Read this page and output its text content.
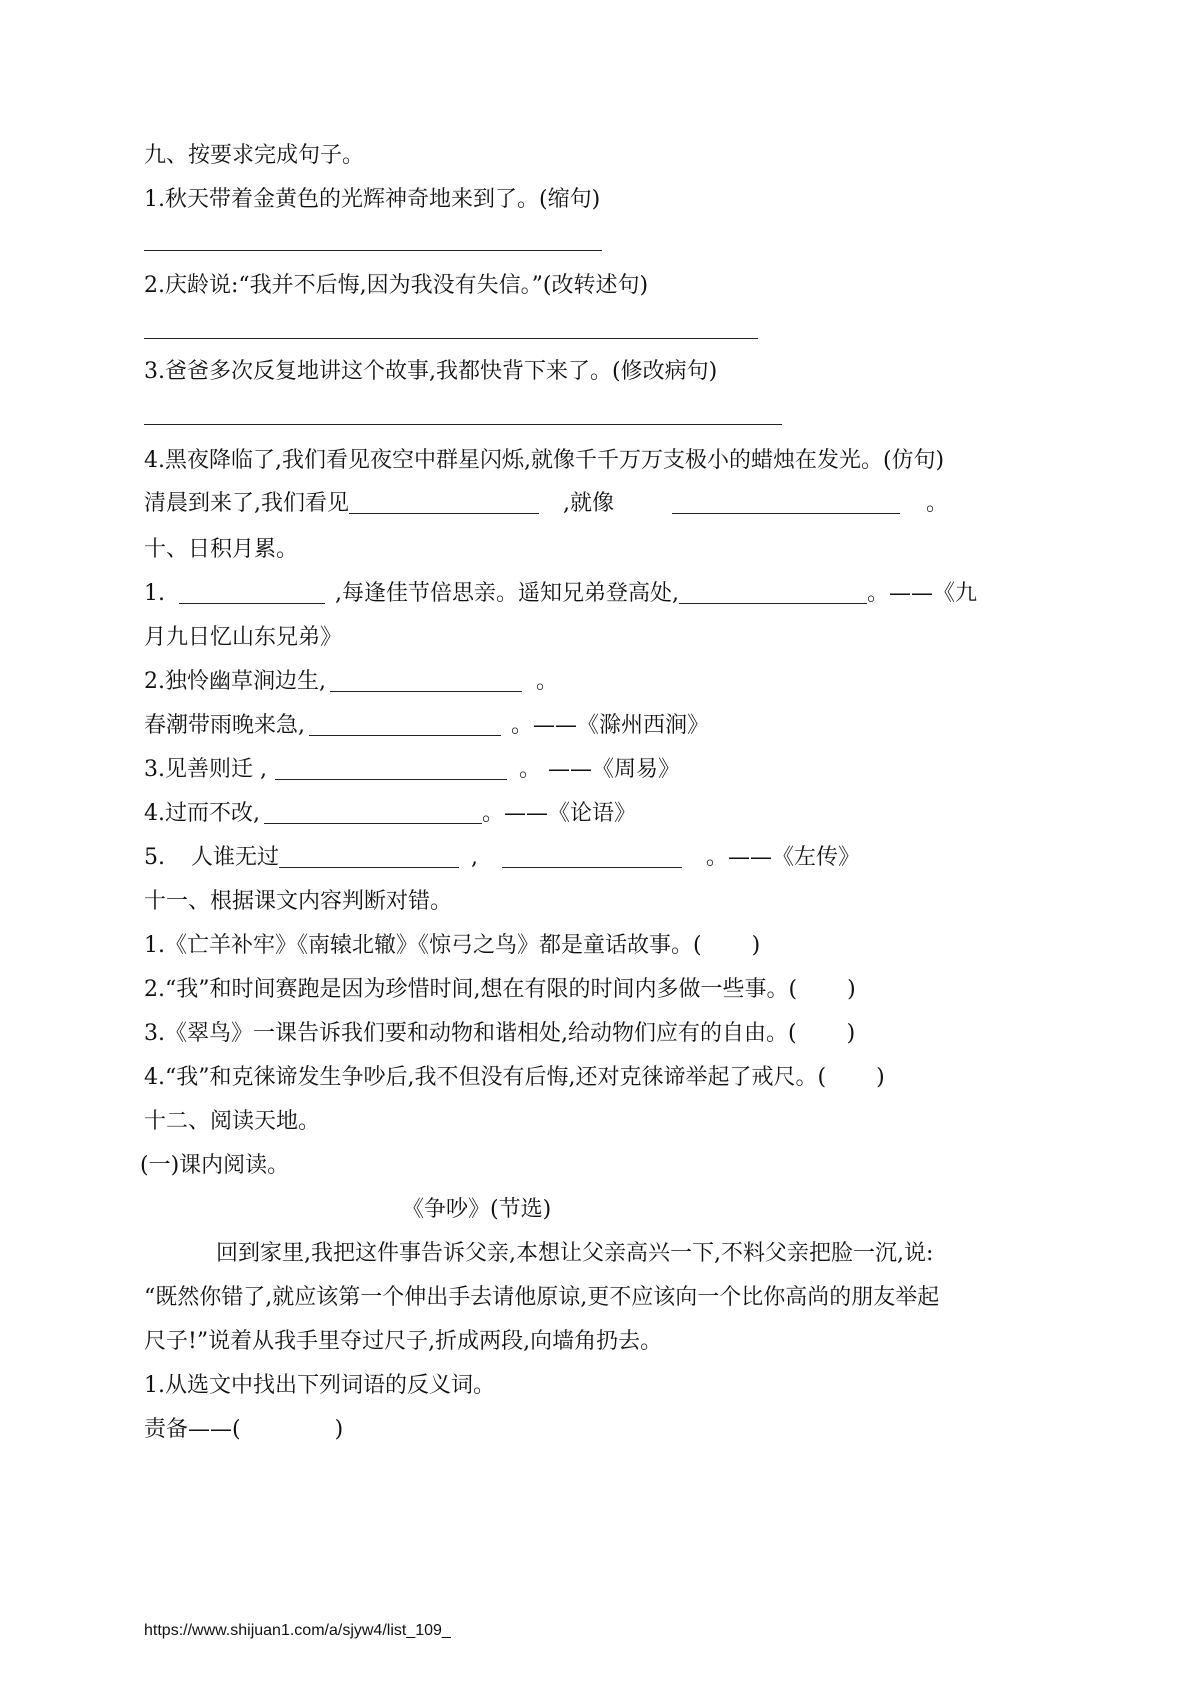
九、按要求完成句子。
1.秋天带着金黄色的光辉神奇地来到了。(缩句)
2.庆龄说:“我并不后悔,因为我没有失信。”(改转述句)
3.爸爸多次反复地讲这个故事,我都快背下来了。(修改病句)
4.黑夜降临了,我们看见夜空中群星闪烁,就像千千万万支极小的蜡烛在发光。(仿句)
清晨到来了,我们看见	,就像	。
十、日积月累。
1.	,每逢佳节倍思亲。遥知兄弟登高处,	。——《九
月九日忆山东兄弟》
2.独怜幽草涧边生,	。
春潮带雨晚来急,	。——《滁州西涧》
3.见善则迁 ,	。 ——《周易》
4.过而不改,	。——《论语》
5. 人谁无过	,	。——《左传》
十一、根据课文内容判断对错。
1.《亡羊补牢》《南辕北辙》《惊弓之鸟》都是童话故事。( )
2.“我”和时间赛跑是因为珍惜时间,想在有限的时间内多做一些事。( )
3.《翠鸟》一课告诉我们要和动物和谐相处,给动物们应有的自由。( )
4.“我”和克徕谛发生争吵后,我不但没有后悔,还对克徕谛举起了戒尺。( )
十二、阅读天地。
(一)课内阅读。
《争吵》(节选)
回到家里,我把这件事告诉父亲,本想让父亲高兴一下,不料父亲把脸一沉,说:
“既然你错了,就应该第一个伸出手去请他原谅,更不应该向一个比你高尚的朋友举起
尺子!”说着从我手里夺过尺子,折成两段,向墙角扔去。
1.从选文中找出下列词语的反义词。
责备——(	)
https://www.shijuan1.com/a/sjyw4/list_109_
